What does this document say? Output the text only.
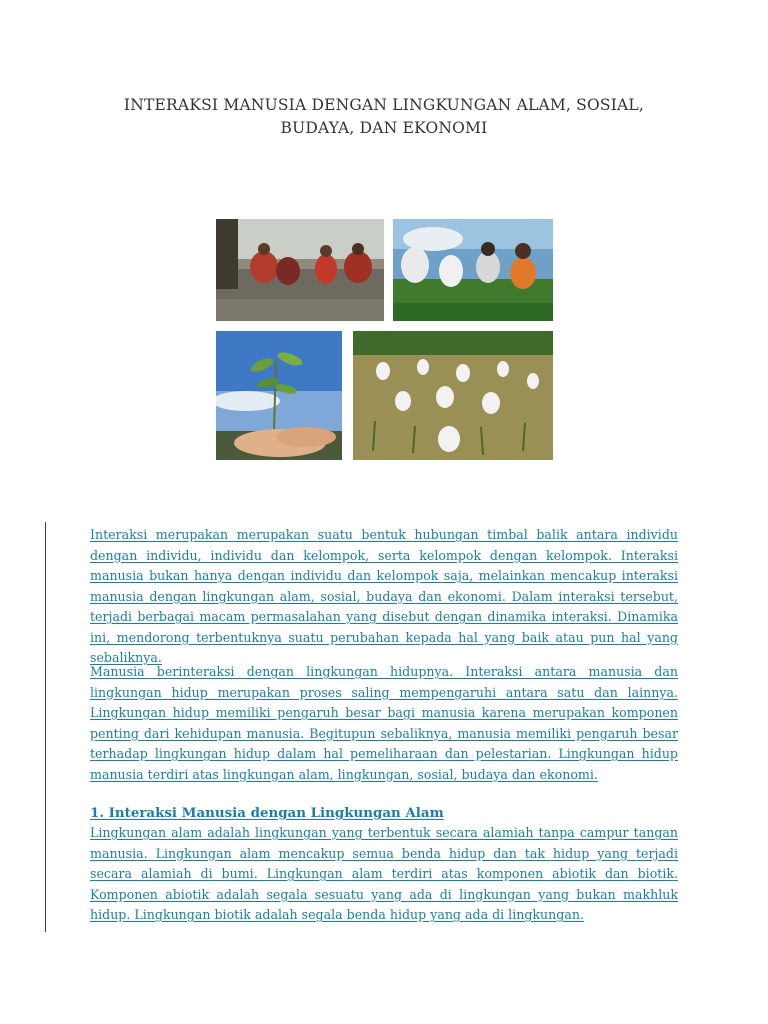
INTERAKSI MANUSIA DENGAN LINGKUNGAN ALAM, SOSIAL,
BUDAYA, DAN EKONOMI

Interaksi merupakan merupakan suatu bentuk hubungan timbal balik antara individu dengan individu, individu dan kelompok, serta kelompok dengan kelompok. Interaksi manusia bukan hanya dengan individu dan kelompok saja, melainkan mencakup interaksi manusia dengan lingkungan alam, sosial, budaya dan ekonomi. Dalam interaksi tersebut, terjadi berbagai macam permasalahan yang disebut dengan dinamika interaksi. Dinamika ini, mendorong terbentuknya suatu perubahan kepada hal yang baik atau pun hal yang sebaliknya.

Manusia berinteraksi dengan lingkungan hidupnya. Interaksi antara manusia dan lingkungan hidup merupakan proses saling mempengaruhi antara satu dan lainnya. Lingkungan hidup memiliki pengaruh besar bagi manusia karena merupakan komponen penting dari kehidupan manusia. Begitupun sebaliknya, manusia memiliki pengaruh besar terhadap lingkungan hidup dalam hal pemeliharaan dan pelestarian. Lingkungan hidup manusia terdiri atas lingkungan alam, lingkungan, sosial, budaya dan ekonomi.

1. Interaksi Manusia dengan Lingkungan Alam

Lingkungan alam adalah lingkungan yang terbentuk secara alamiah tanpa campur tangan manusia. Lingkungan alam mencakup semua benda hidup dan tak hidup yang terjadi secara alamiah di bumi. Lingkungan alam terdiri atas komponen abiotik dan biotik. Komponen abiotik adalah segala sesuatu yang ada di lingkungan yang bukan makhluk hidup. Lingkungan biotik adalah segala benda hidup yang ada di lingkungan.
